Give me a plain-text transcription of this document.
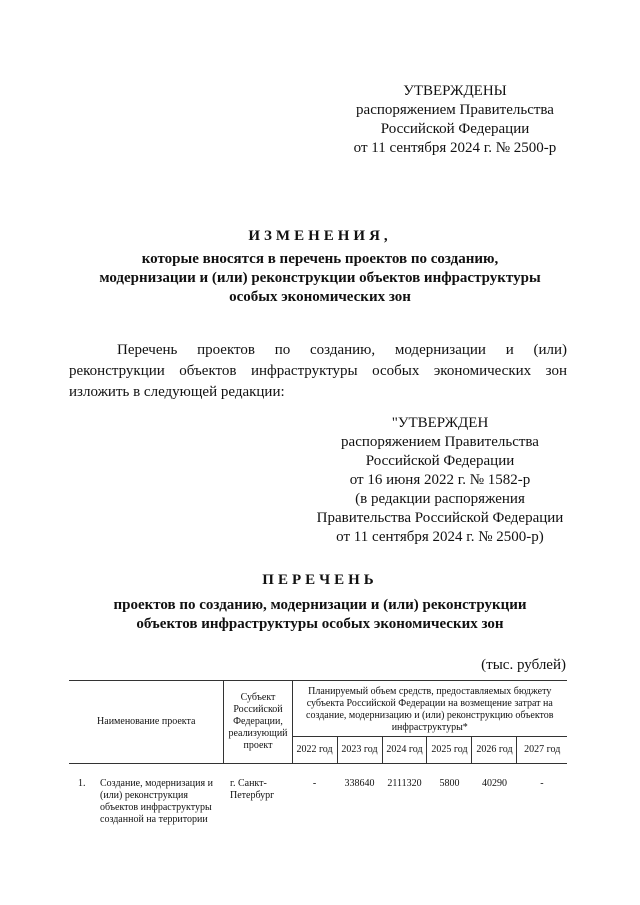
УТВЕРЖДЕНЫ
распоряжением Правительства
Российской Федерации
от 11 сентября 2024 г. № 2500-р
ИЗМЕНЕНИЯ,
которые вносятся в перечень проектов по созданию,
модернизации и (или) реконструкции объектов инфраструктуры
особых экономических зон
Перечень проектов по созданию, модернизации и (или)
реконструкции объектов инфраструктуры особых экономических зон
изложить в следующей редакции:
"УТВЕРЖДЕН
распоряжением Правительства
Российской Федерации
от 16 июня 2022 г. № 1582-р
(в редакции распоряжения
Правительства Российской Федерации
от 11 сентября 2024 г. № 2500-р)
ПЕРЕЧЕНЬ
проектов по созданию, модернизации и (или) реконструкции
объектов инфраструктуры особых экономических зон
(тыс. рублей)
Наименование проекта	Субъект Российской Федерации, реализующий проект	Планируемый объем средств, предоставляемых бюджету субъекта Российской Федерации на возмещение затрат на создание, модернизацию и (или) реконструкцию объектов инфраструктуры*					
		2022 год	2023 год	2024 год	2025 год	2026 год	2027 год

1. Создание, модернизация и (или) реконструкция объектов инфраструктуры созданной на территории	г. Санкт-Петербург	-	338640	2111320	5800	40290	-
